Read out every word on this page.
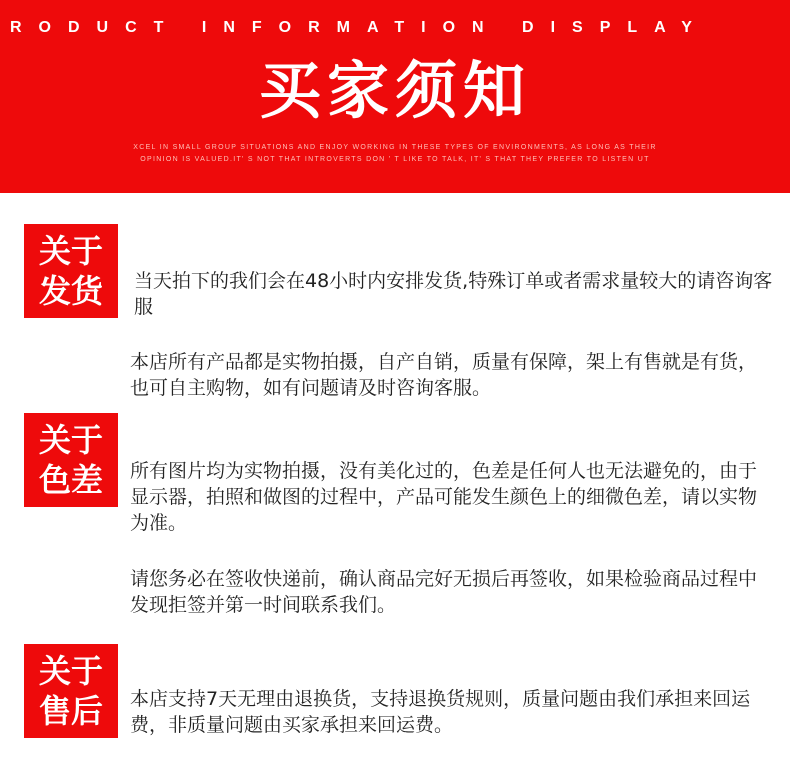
RODUCT INFORMATION DISPLAY
买家须知
XCEL IN SMALL GROUP SITUATIONS AND ENJOY WORKING IN THESE TYPES OF ENVIRONMENTS, AS LONG AS THEIR OPINION IS VALUED.IT' S NOT THAT INTROVERTS DON ' T LIKE TO TALK, IT' S THAT THEY PREFER TO LISTEN UT
关于
发货	当天拍下的我们会在48小时内安排发货,特殊订单或者需求量较大的请咨询客服
本店所有产品都是实物拍摄，自产自销，质量有保障，架上有售就是有货，也可自主购物，如有问题请及时咨询客服。
关于
色差	所有图片均为实物拍摄，没有美化过的，色差是任何人也无法避免的，由于显示器，拍照和做图的过程中，产品可能发生颜色上的细微色差，请以实物为准。
请您务必在签收快递前，确认商品完好无损后再签收，如果检验商品过程中发现拒签并第一时间联系我们。
关于
售后	本店支持7天无理由退换货，支持退换货规则，质量问题由我们承担来回运费，非质量问题由买家承担来回运费。
